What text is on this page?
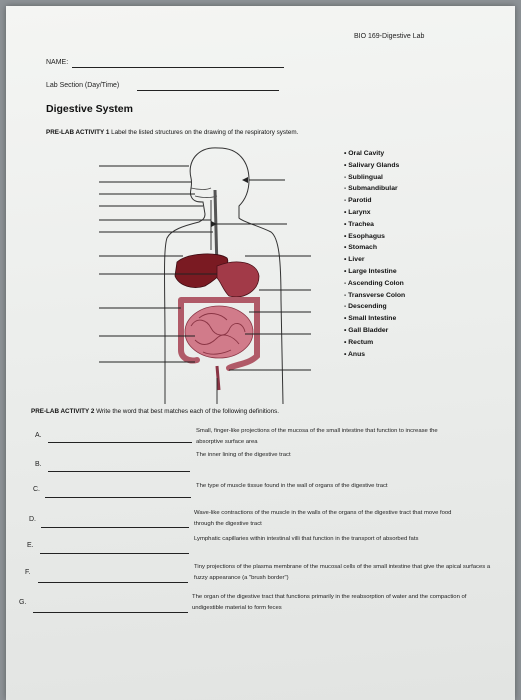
BIO 169-Digestive Lab
NAME:
Lab Section (Day/Time)
Digestive System
PRE-LAB ACTIVITY 1 Label the listed structures on the drawing of the respiratory system.
• Oral Cavity
• Salivary Glands
- Sublingual
- Submandibular
- Parotid
• Larynx
• Trachea
• Esophagus
• Stomach
• Liver
• Large Intestine
- Ascending Colon
- Transverse Colon
- Descending
• Small Intestine
• Gall Bladder
• Rectum
• Anus
PRE-LAB ACTIVITY 2 Write the word that best matches each of the following definitions.
A.
Small, finger-like projections of the mucosa of the small intestine that function to increase the absorptive surface area
B.
The inner lining of the digestive tract
C.	The type of muscle tissue found in the wall of organs of the digestive tract
D.
Wave-like contractions of the muscle in the walls of the organs of the digestive tract that move food through the digestive tract
E.
Lymphatic capillaries within intestinal villi that function in the transport of absorbed fats
F.
Tiny projections of the plasma membrane of the mucosal cells of the small intestine that give the apical surfaces a fuzzy appearance (a "brush border")
G.
The organ of the digestive tract that functions primarily in the reabsorption of water and the compaction of undigestible material to form feces
